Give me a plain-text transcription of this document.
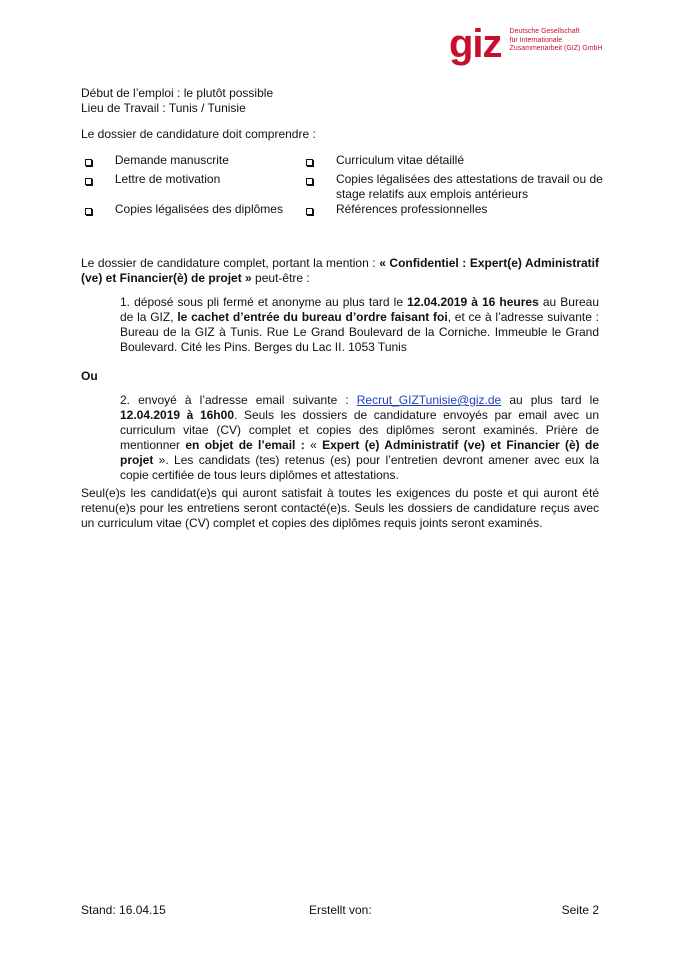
giz Deutsche Gesellschaft
für Internationale
Zusammenarbeit (GIZ) GmbH
Début de l’emploi : le plutôt possible
Lieu de Travail : Tunis / Tunisie
Le dossier de candidature doit comprendre :
	Demande manuscrite		Curriculum vitae détaillé
	Lettre de motivation		Copies légalisées des attestations de travail ou de stage relatifs aux emplois antérieurs
	Copies légalisées des diplômes		Références professionnelles
Le dossier de candidature complet, portant la mention : « Confidentiel : Expert(e) Administratif (ve) et Financier(è) de projet » peut-être :
1. déposé sous pli fermé et anonyme au plus tard le 12.04.2019 à 16 heures au Bureau de la GIZ, le cachet d’entrée du bureau d’ordre faisant foi, et ce à l’adresse suivante : Bureau de la GIZ à Tunis. Rue Le Grand Boulevard de la Corniche. Immeuble le Grand Boulevard. Cité les Pins. Berges du Lac II. 1053 Tunis
Ou
2. envoyé à l’adresse email suivante : Recrut_GIZTunisie@giz.de au plus tard le 12.04.2019 à 16h00. Seuls les dossiers de candidature envoyés par email avec un curriculum vitae (CV) complet et copies des diplômes seront examinés. Prière de mentionner en objet de l’email : « Expert (e) Administratif (ve) et Financier (è) de projet ». Les candidats (tes) retenus (es) pour l’entretien devront amener avec eux la copie certifiée de tous leurs diplômes et attestations.
Seul(e)s les candidat(e)s qui auront satisfait à toutes les exigences du poste et qui auront été retenu(e)s pour les entretiens seront contacté(e)s. Seuls les dossiers de candidature reçus avec un curriculum vitae (CV) complet et copies des diplômes requis joints seront examinés.
Stand: 16.04.15	Erstellt von:	Seite 2
